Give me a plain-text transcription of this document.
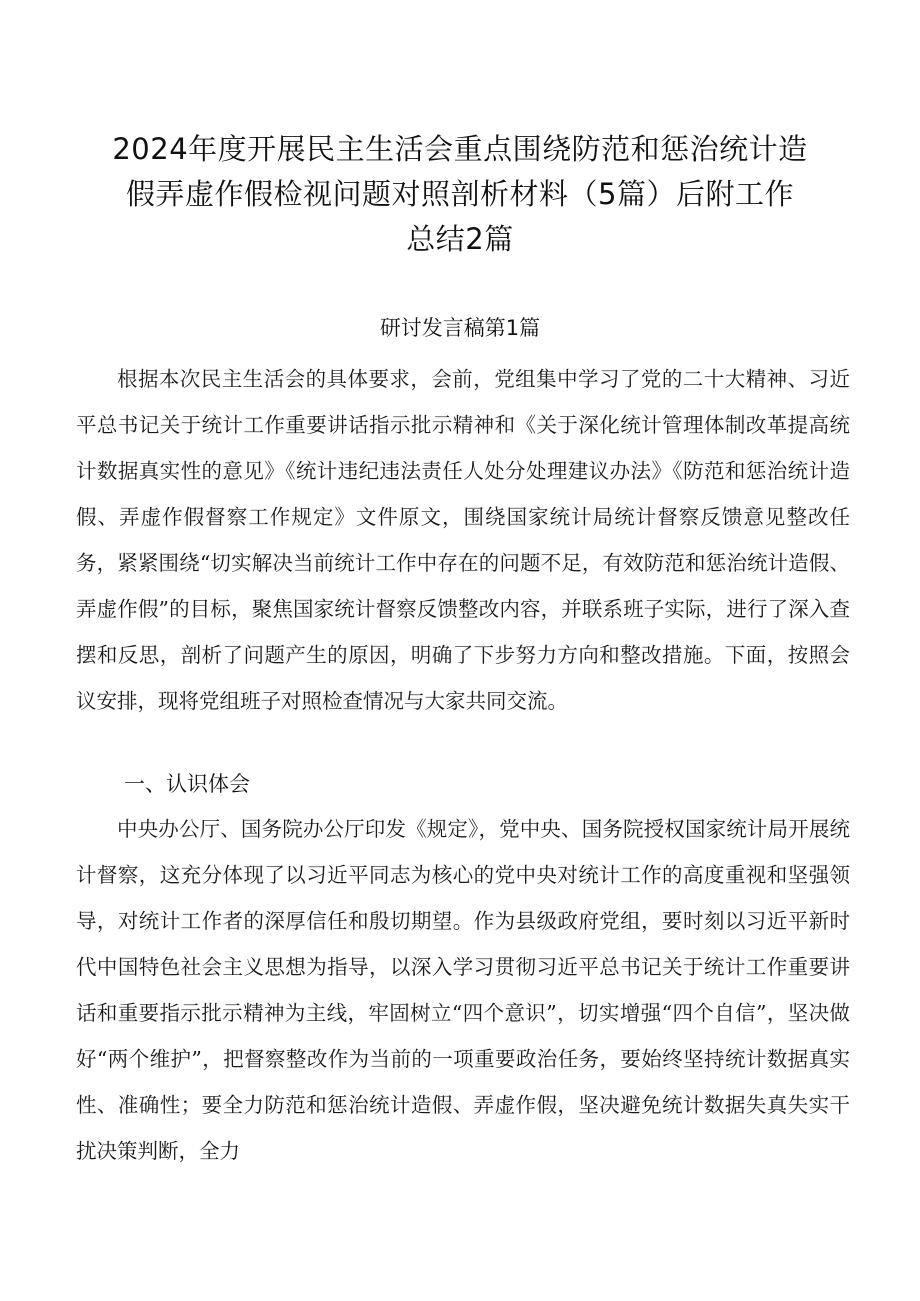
2024年度开展民主生活会重点围绕防范和惩治统计造
假弄虚作假检视问题对照剖析材料（5篇）后附工作
总结2篇
研讨发言稿第1篇

根据本次民主生活会的具体要求，会前，党组集中学习了党的二十大精神、习近平总书记关于统计工作重要讲话指示批示精神和《关于深化统计管理体制改革提高统计数据真实性的意见》《统计违纪违法责任人处分处理建议办法》《防范和惩治统计造假、弄虚作假督察工作规定》文件原文，围绕国家统计局统计督察反馈意见整改任务，紧紧围绕“切实解决当前统计工作中存在的问题不足，有效防范和惩治统计造假、弄虚作假”的目标，聚焦国家统计督察反馈整改内容，并联系班子实际，进行了深入查摆和反思，剖析了问题产生的原因，明确了下步努力方向和整改措施。下面，按照会议安排，现将党组班子对照检查情况与大家共同交流。

一、认识体会

中央办公厅、国务院办公厅印发《规定》，党中央、国务院授权国家统计局开展统计督察，这充分体现了以习近平同志为核心的党中央对统计工作的高度重视和坚强领导，对统计工作者的深厚信任和殷切期望。作为县级政府党组，要时刻以习近平新时代中国特色社会主义思想为指导，以深入学习贯彻习近平总书记关于统计工作重要讲话和重要指示批示精神为主线，牢固树立“四个意识”，切实增强“四个自信”，坚决做好“两个维护”，把督察整改作为当前的一项重要政治任务，要始终坚持统计数据真实性、准确性；要全力防范和惩治统计造假、弄虚作假，坚决避免统计数据失真失实干扰决策判断，全力
